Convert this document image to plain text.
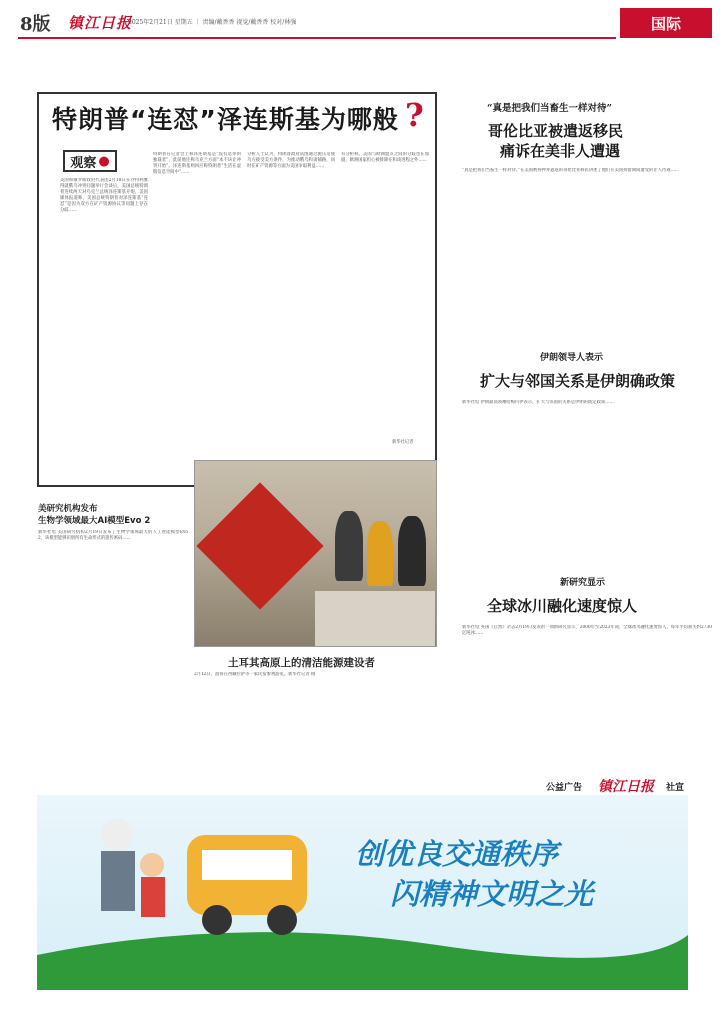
8版 镇江日报
2025年2月21日 星期五 ｜ 责编/戴香香 视觉/戴香香 校对/林强	国际
特朗普“连怼”泽连斯基为哪般 ?
观察 ●
美国和俄罗斯政府代表团2月18日在沙特利雅得就俄乌冲突问题举行会谈后，美国总统特朗普连续两天对乌克兰总统泽连斯基开炮，美国媒体报道称，美国总统特朗普对泽连斯基“连怼”是因为双方在矿产资源协议等问题上存在分歧……
特朗普在记者会上称泽连斯基是“没有选举的独裁者”，此前他还称乌克兰方面“本不该让冲突开始”。泽连斯基则回应称特朗普“生活在虚假信息空间中”……
分析人士认为，特朗普政府试图通过施压迫使乌方接受美方条件，为推动俄乌和谈铺路，同时在矿产资源等方面为美国争取利益……
有分析称，美国与欧洲盟友之间的分歧也在加剧，欧洲国家担心被排除在和谈进程之外……
新华社记者
土耳其高原上的清洁能源建设者
2月12日，游客在西藏拉萨市一家民宿参观游览。新华社记者 摄
美研究机构发布
生物学领域最大AI模型Evo 2
新华社电 美国研究机构2月19日发布了生物学领域最大的人工智能模型Evo 2，该模型能够识别所有生命形式的遗传密码……
“真是把我们当畜生一样对待”
哥伦比亚被遣返移民
痛诉在美非人遭遇
“真是把我们当畜生一样对待。”在美国被拘押并遣返的哥伦比亚移民讲述了他们在美国拘留期间遭受的非人待遇……
伊朗领导人表示
扩大与邻国关系是伊朗确政策
新华社电 伊朗最高领袖哈梅内伊表示，扩大与邻国的关系是伊朗的既定政策……
新研究显示
全球冰川融化速度惊人
新华社电 英国《自然》杂志2月19日发表的一项新研究显示，2000年至2023年间，全球冰川融化速度惊人，每年平均损失约2730亿吨冰……
公益广告 镇江日报 社宣
创优良交通秩序
闪精神文明之光
